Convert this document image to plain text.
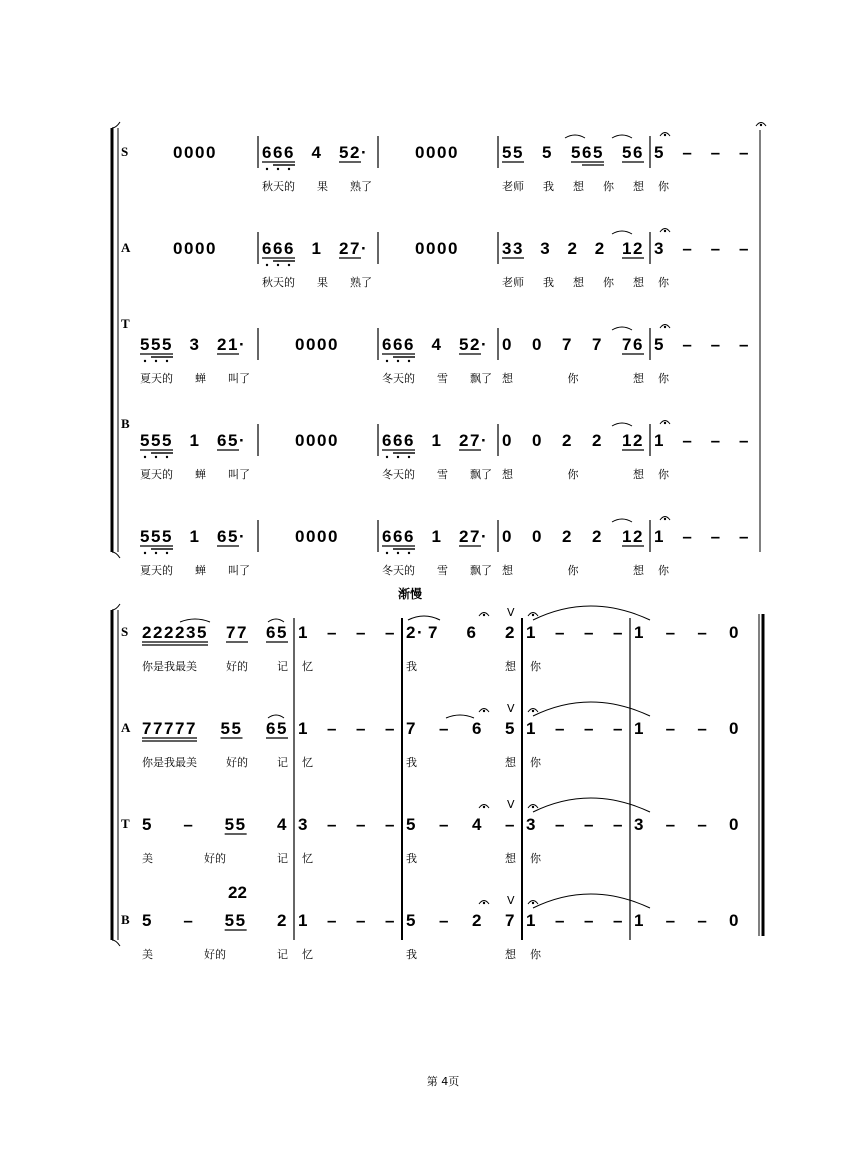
S
A
T
B
0 0 0 0	6 6 6 4 5 2 ·	0 0 0 0	5 5 5 5 6 5 5 6 5 – – –
秋天的 果 熟了	老师 我 想 你 想 你
0 0 0 0	6 6 6 1 2 7 ·	0 0 0 0	3 3 3 2 2 1 2 3 – – –
秋天的 果 熟了	老师 我 想 你 想 你
5 5 5 3 2 1 ·	0 0 0 0	6 6 6 4 5 2 · 0 0 7 7 7 6 5 – – –
夏天的 蝉 叫了	冬天的 雪 飘了 想	你	想 你
5 5 5 1 6 5 ·	0 0 0 0	6 6 6 1 2 7 · 0 0 2 2 1 2 1 – – –
夏天的 蝉 叫了	冬天的 雪 飘了 想	你	想 你
5 5 5 1 6 5 ·	0 0 0 0	6 6 6 1 2 7 · 0 0 2 2 1 2 1 – – –
夏天的 蝉 叫了	冬天的 雪 飘了 想	你	想 你
渐慢
S
A
T
B
2 2 2 2 3 5 7 7 6 5 1 – – – 2 · 7 6 2 1 – – – 1 – – 0
你是我最美	好的	记 忆	我	想 你
7 7 7 7 7 5 5 6 5 1 – – – 7 – 6 5 1 – – – 1 – – 0
你是我最美	好的	记 忆	我	想 你
5 – 5 5 4 3 – – – 5 – 4 – 3 – – – 3 – – 0
美	好的	记 忆	我	想 你
5 – 5 5 2 1 – – – 5 – 2 7 1 – – – 1 – – 0
美	好的	记 忆	我	想 你
22
V
V
V
V
第 4页
